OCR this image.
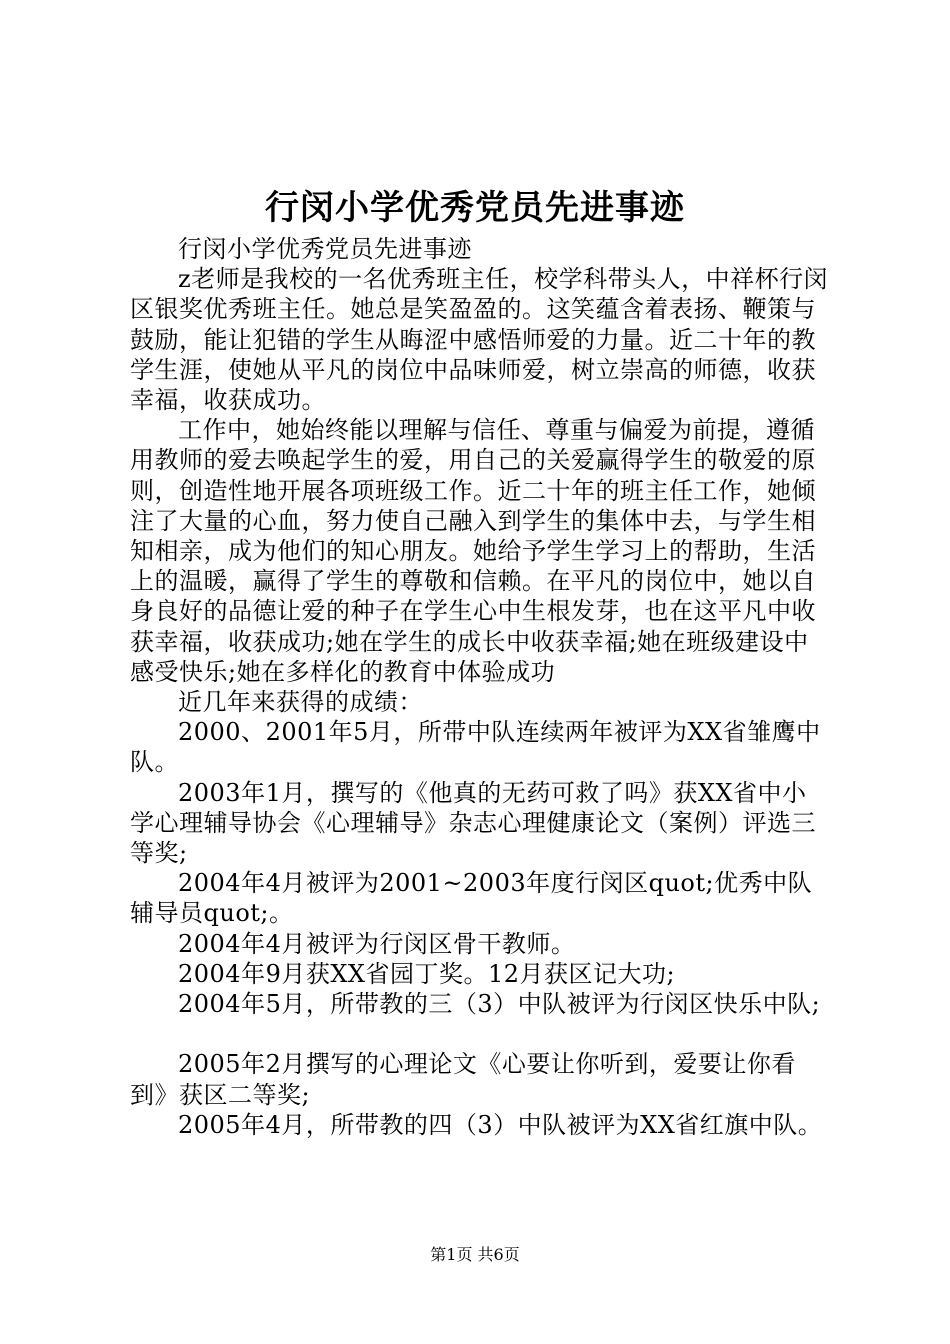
行闵小学优秀党员先进事迹

行闵小学优秀党员先进事迹

z老师是我校的一名优秀班主任，校学科带头人，中祥杯行闵区银奖优秀班主任。她总是笑盈盈的。这笑蕴含着表扬、鞭策与鼓励，能让犯错的学生从晦涩中感悟师爱的力量。近二十年的教学生涯，使她从平凡的岗位中品味师爱，树立崇高的师德，收获幸福，收获成功。

工作中，她始终能以理解与信任、尊重与偏爱为前提，遵循用教师的爱去唤起学生的爱，用自己的关爱赢得学生的敬爱的原则，创造性地开展各项班级工作。近二十年的班主任工作，她倾注了大量的心血，努力使自己融入到学生的集体中去，与学生相知相亲，成为他们的知心朋友。她给予学生学习上的帮助，生活上的温暖，赢得了学生的尊敬和信赖。在平凡的岗位中，她以自身良好的品德让爱的种子在学生心中生根发芽，也在这平凡中收获幸福，收获成功;她在学生的成长中收获幸福;她在班级建设中感受快乐;她在多样化的教育中体验成功

近几年来获得的成绩：

2000、2001年5月，所带中队连续两年被评为XX省雏鹰中队。

2003年1月，撰写的《他真的无药可救了吗》获XX省中小学心理辅导协会《心理辅导》杂志心理健康论文（案例）评选三等奖;

2004年4月被评为2001~2003年度行闵区quot;优秀中队辅导员quot;。

2004年4月被评为行闵区骨干教师。

2004年9月获XX省园丁奖。12月获区记大功;

2004年5月，所带教的三（3）中队被评为行闵区快乐中队;

2005年2月撰写的心理论文《心要让你听到，爱要让你看到》获区二等奖;

2005年4月，所带教的四（3）中队被评为XX省红旗中队。

第1页 共6页
